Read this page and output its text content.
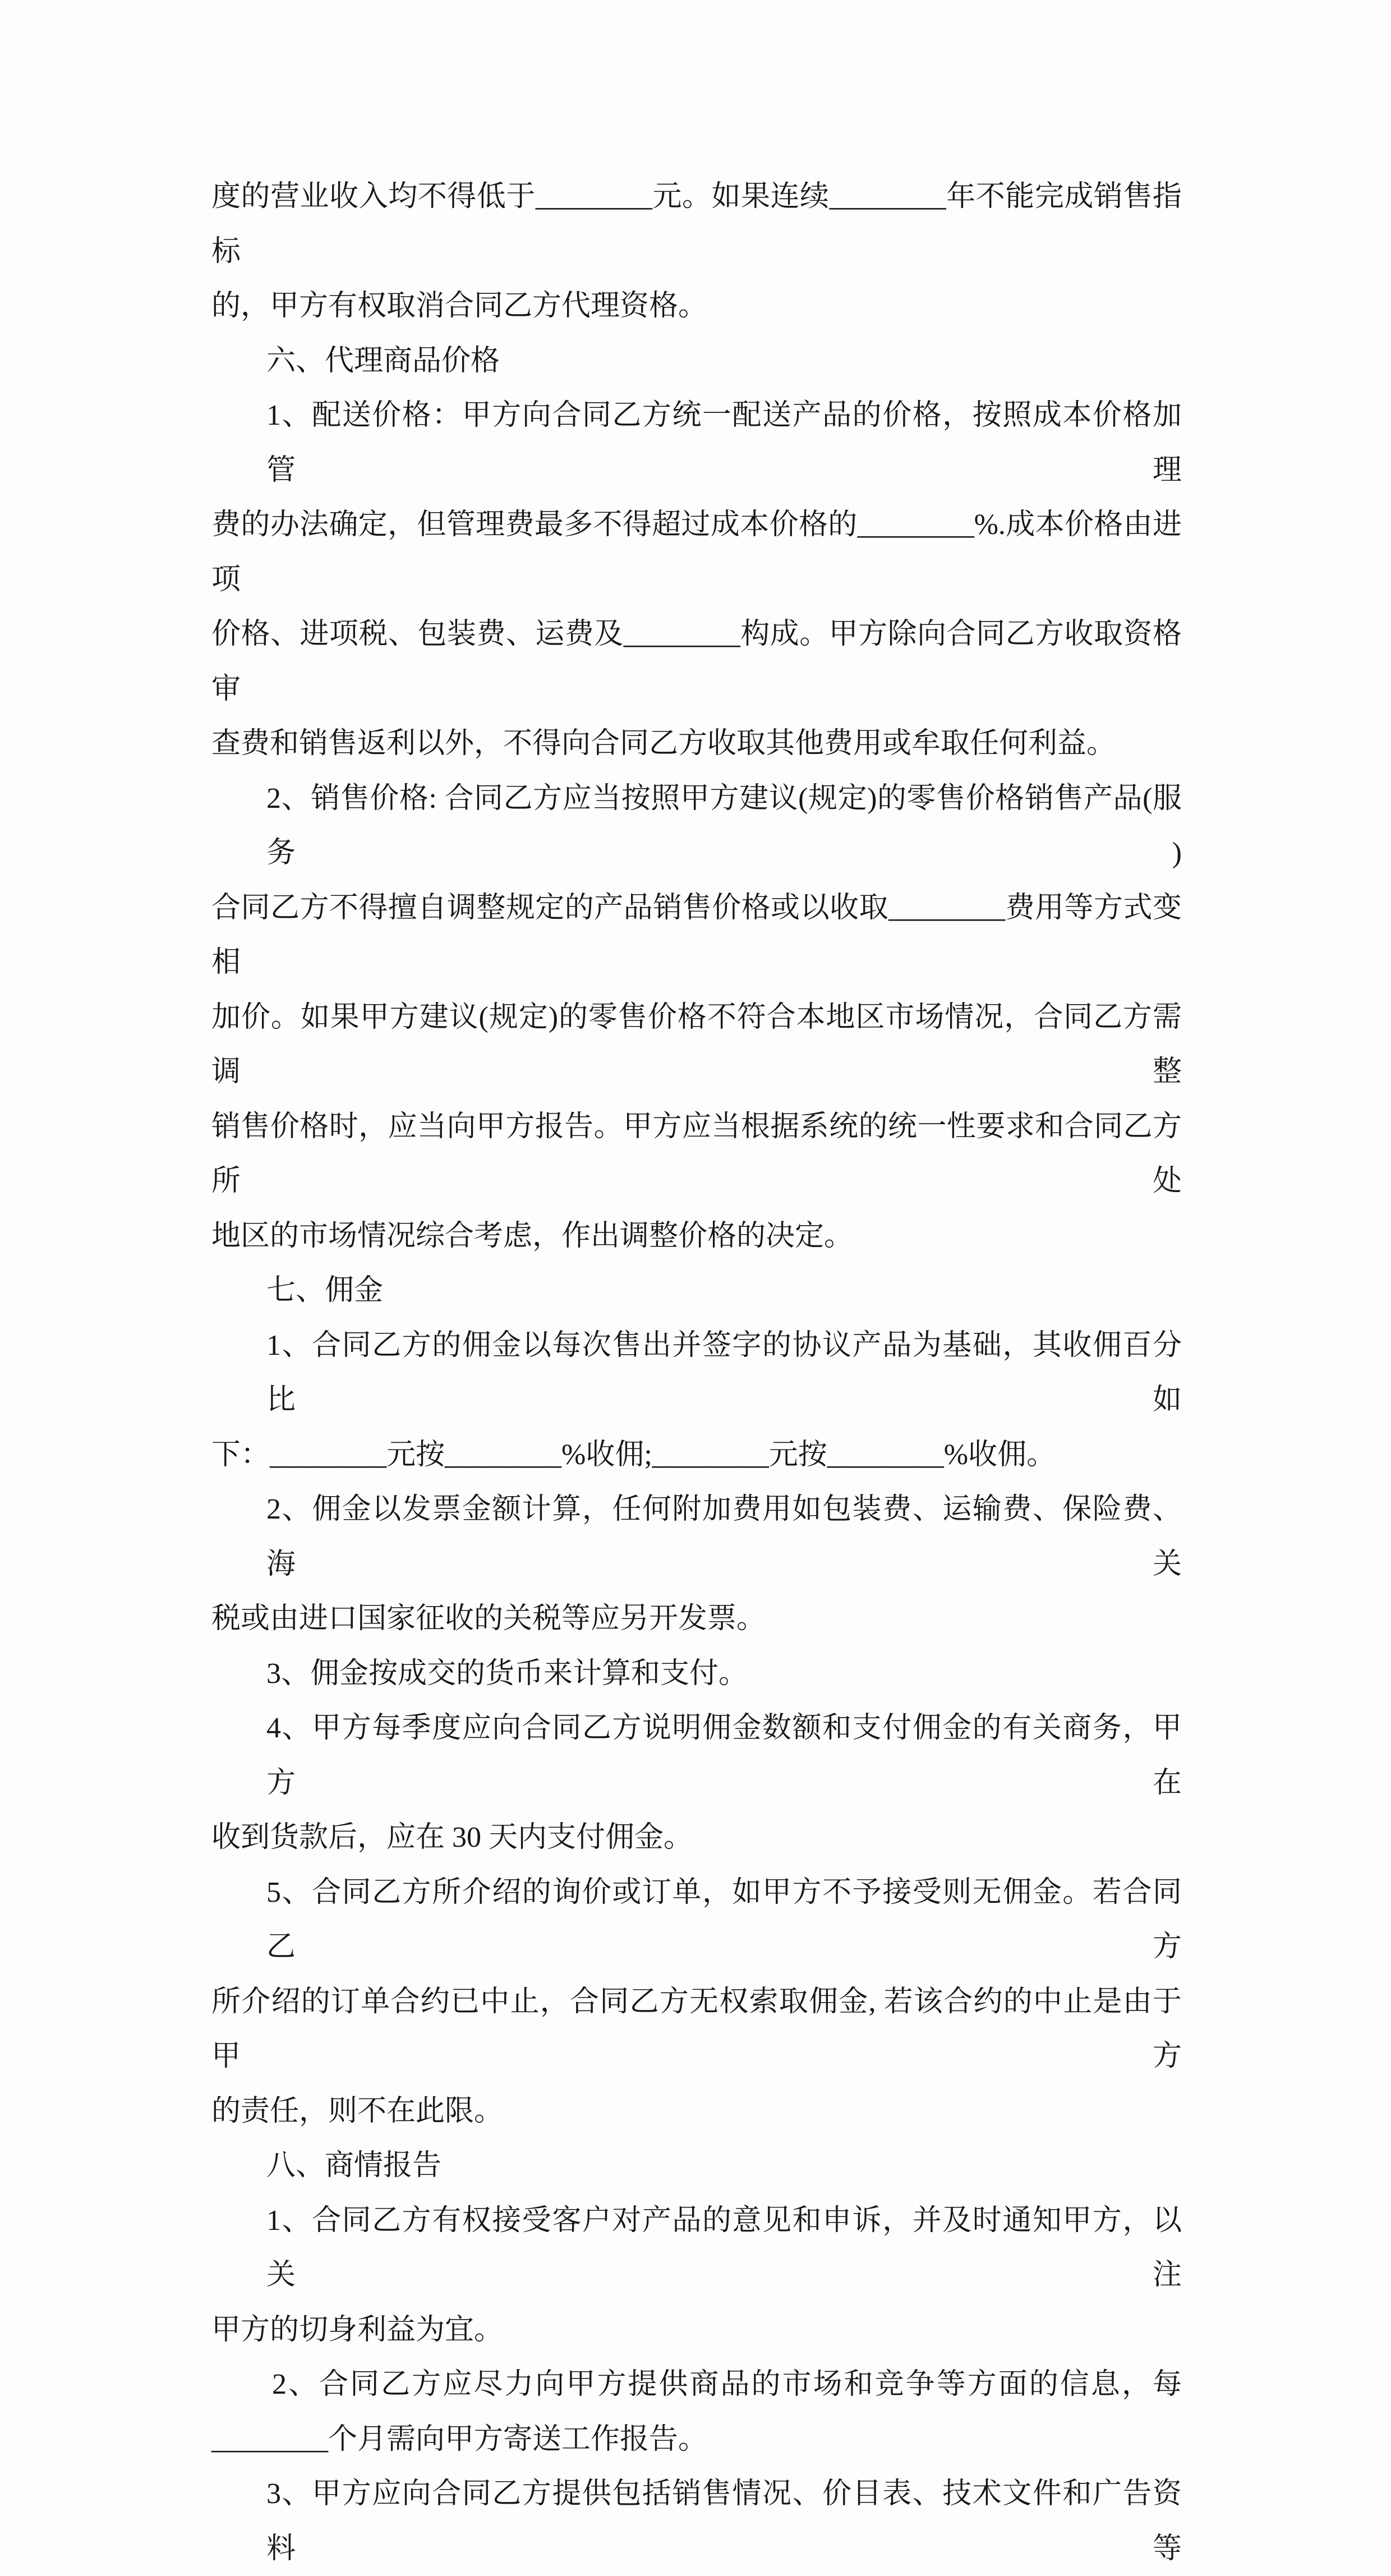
度的营业收入均不得低于________元。如果连续________年不能完成销售指标
的，甲方有权取消合同乙方代理资格。
六、代理商品价格
1、配送价格：甲方向合同乙方统一配送产品的价格，按照成本价格加管理
费的办法确定，但管理费最多不得超过成本价格的________%.成本价格由进项
价格、进项税、包装费、运费及________构成。甲方除向合同乙方收取资格审
查费和销售返利以外，不得向合同乙方收取其他费用或牟取任何利益。
2、销售价格: 合同乙方应当按照甲方建议(规定)的零售价格销售产品(服务)
合同乙方不得擅自调整规定的产品销售价格或以收取________费用等方式变相
加价。如果甲方建议(规定)的零售价格不符合本地区市场情况，合同乙方需调整
销售价格时，应当向甲方报告。甲方应当根据系统的统一性要求和合同乙方所处
地区的市场情况综合考虑，作出调整价格的决定。
七、佣金
1、合同乙方的佣金以每次售出并签字的协议产品为基础，其收佣百分比如
下：________元按________%收佣;________元按________%收佣。
2、佣金以发票金额计算，任何附加费用如包装费、运输费、保险费、海关
税或由进口国家征收的关税等应另开发票。
3、佣金按成交的货币来计算和支付。
4、甲方每季度应向合同乙方说明佣金数额和支付佣金的有关商务，甲方在
收到货款后，应在 30 天内支付佣金。
5、合同乙方所介绍的询价或订单，如甲方不予接受则无佣金。若合同乙方
所介绍的订单合约已中止，合同乙方无权索取佣金, 若该合约的中止是由于甲方
的责任，则不在此限。
八、商情报告
1、合同乙方有权接受客户对产品的意见和申诉，并及时通知甲方，以关注
甲方的切身利益为宜。
2、合同乙方应尽力向甲方提供商品的市场和竞争等方面的信息，每
________个月需向甲方寄送工作报告。
3、甲方应向合同乙方提供包括销售情况、价目表、技术文件和广告资料等
